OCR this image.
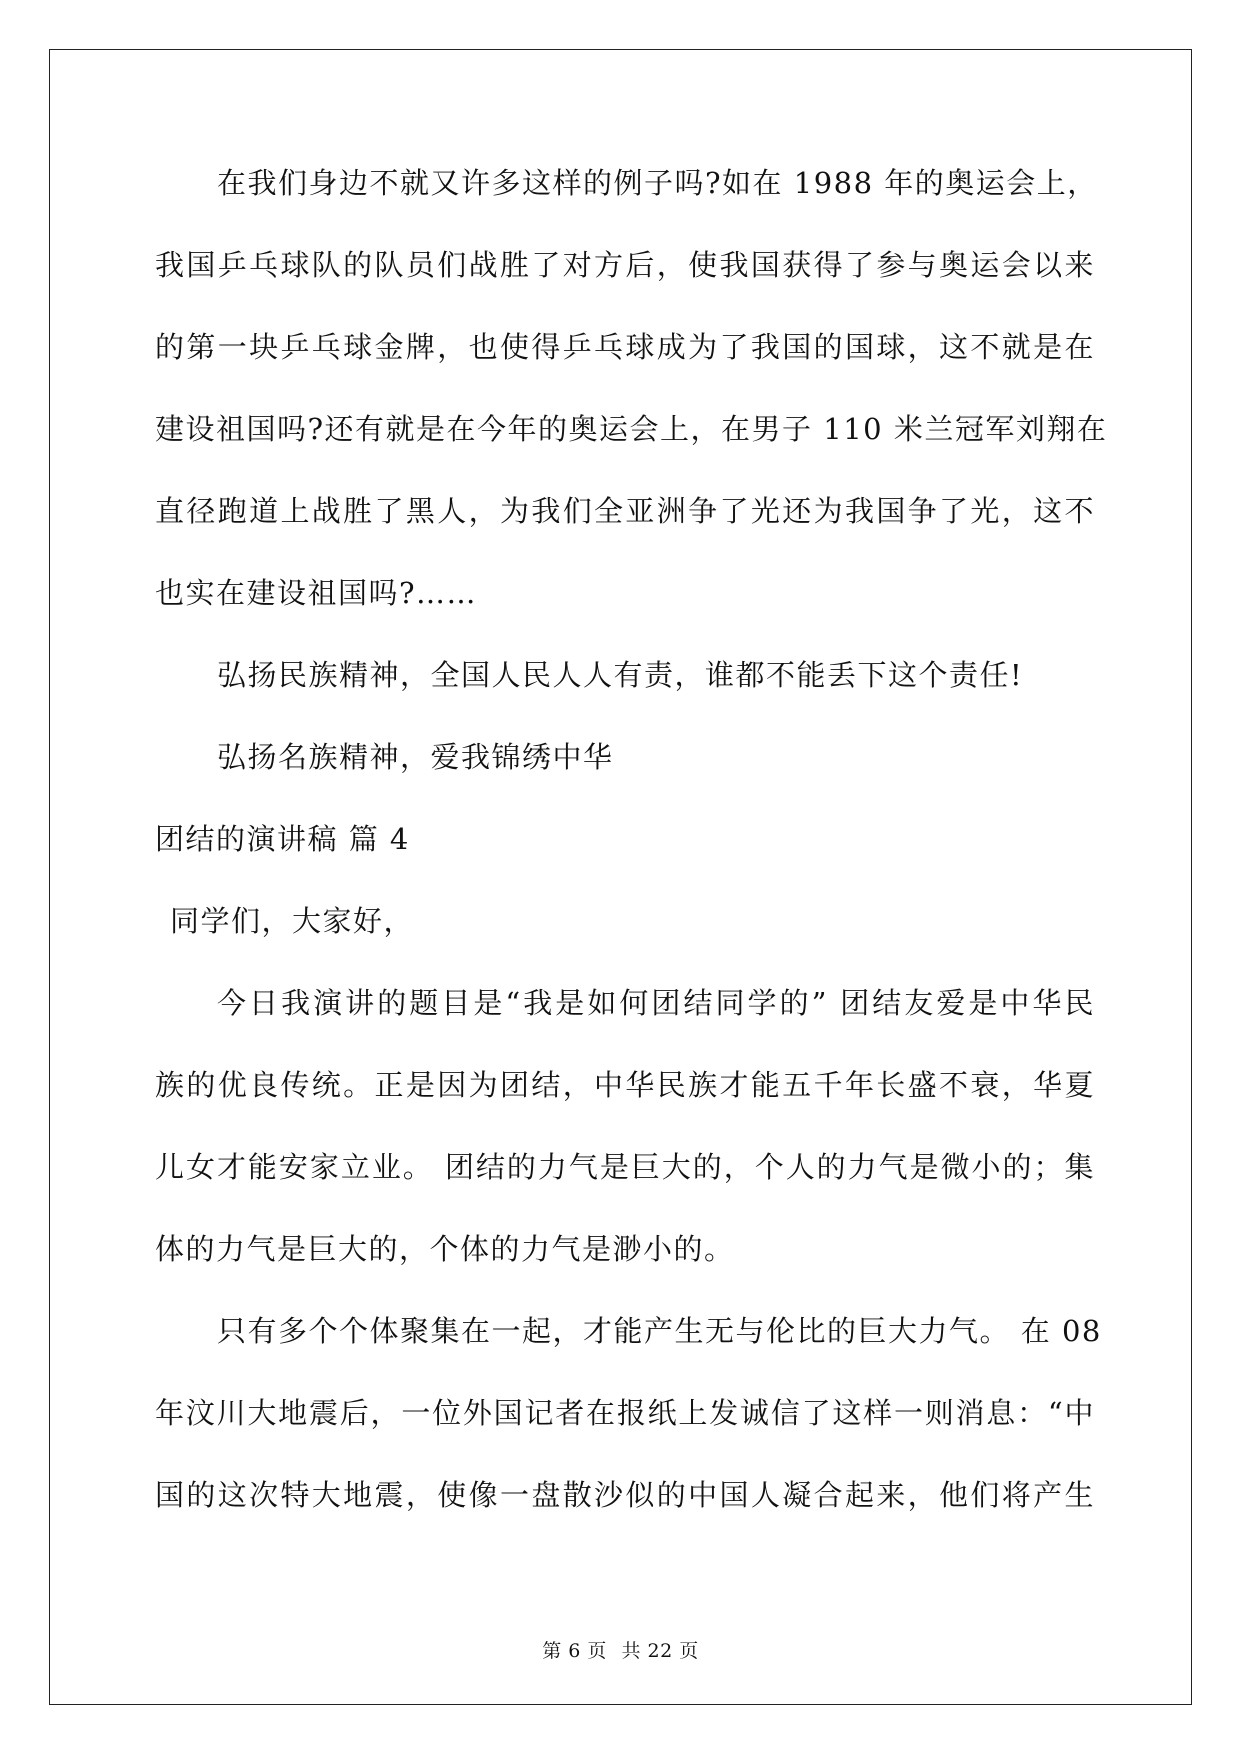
在我们身边不就又许多这样的例子吗?如在 1988 年的奥运会上，
我国乒乓球队的队员们战胜了对方后，使我国获得了参与奥运会以来
的第一块乒乓球金牌，也使得乒乓球成为了我国的国球，这不就是在
建设祖国吗?还有就是在今年的奥运会上，在男子 110 米兰冠军刘翔在
直径跑道上战胜了黑人，为我们全亚洲争了光还为我国争了光，这不
也实在建设祖国吗?……
弘扬民族精神，全国人民人人有责，谁都不能丢下这个责任!
弘扬名族精神，爱我锦绣中华
团结的演讲稿 篇 4
同学们，大家好，
今日我演讲的题目是“我是如何团结同学的” 团结友爱是中华民
族的优良传统。正是因为团结，中华民族才能五千年长盛不衰，华夏
儿女才能安家立业。 团结的力气是巨大的，个人的力气是微小的；集
体的力气是巨大的，个体的力气是渺小的。
只有多个个体聚集在一起，才能产生无与伦比的巨大力气。 在 08
年汶川大地震后，一位外国记者在报纸上发诚信了这样一则消息：“中
国的这次特大地震，使像一盘散沙似的中国人凝合起来，他们将产生
第 6 页 共 22 页
